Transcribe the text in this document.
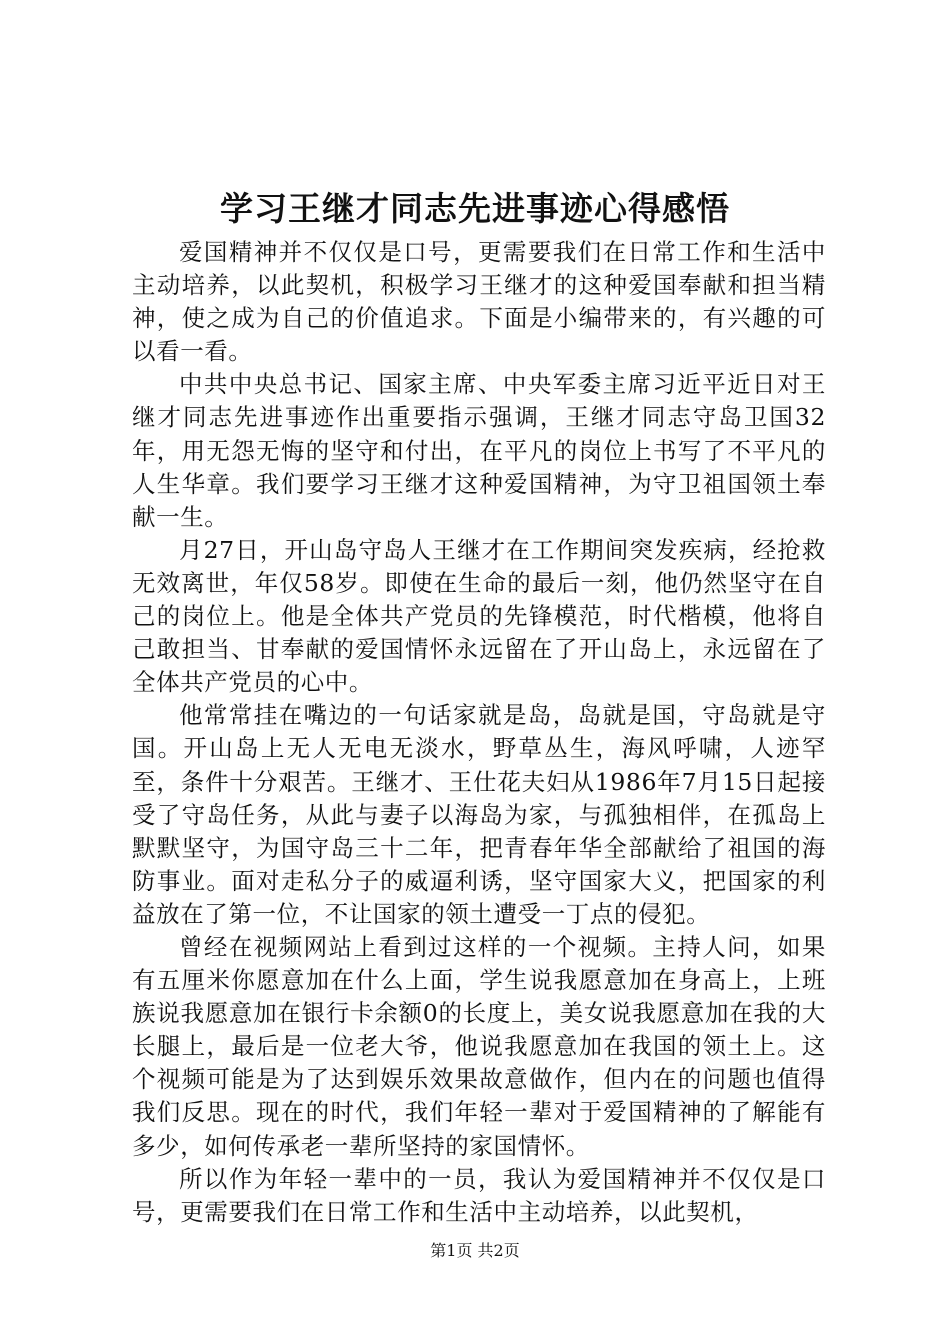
学习王继才同志先进事迹心得感悟

爱国精神并不仅仅是口号，更需要我们在日常工作和生活中主动培养，以此契机，积极学习王继才的这种爱国奉献和担当精神，使之成为自己的价值追求。下面是小编带来的，有兴趣的可以看一看。

中共中央总书记、国家主席、中央军委主席习近平近日对王继才同志先进事迹作出重要指示强调，王继才同志守岛卫国32年，用无怨无悔的坚守和付出，在平凡的岗位上书写了不平凡的人生华章。我们要学习王继才这种爱国精神，为守卫祖国领土奉献一生。

月27日，开山岛守岛人王继才在工作期间突发疾病，经抢救无效离世，年仅58岁。即使在生命的最后一刻，他仍然坚守在自己的岗位上。他是全体共产党员的先锋模范，时代楷模，他将自己敢担当、甘奉献的爱国情怀永远留在了开山岛上，永远留在了全体共产党员的心中。

他常常挂在嘴边的一句话家就是岛，岛就是国，守岛就是守国。开山岛上无人无电无淡水，野草丛生，海风呼啸，人迹罕至，条件十分艰苦。王继才、王仕花夫妇从1986年7月15日起接受了守岛任务，从此与妻子以海岛为家，与孤独相伴，在孤岛上默默坚守，为国守岛三十二年，把青春年华全部献给了祖国的海防事业。面对走私分子的威逼利诱，坚守国家大义，把国家的利益放在了第一位，不让国家的领土遭受一丁点的侵犯。

曾经在视频网站上看到过这样的一个视频。主持人问，如果有五厘米你愿意加在什么上面，学生说我愿意加在身高上，上班族说我愿意加在银行卡余额0的长度上，美女说我愿意加在我的大长腿上，最后是一位老大爷，他说我愿意加在我国的领土上。这个视频可能是为了达到娱乐效果故意做作，但内在的问题也值得我们反思。现在的时代，我们年轻一辈对于爱国精神的了解能有多少，如何传承老一辈所坚持的家国情怀。

所以作为年轻一辈中的一员，我认为爱国精神并不仅仅是口号，更需要我们在日常工作和生活中主动培养，以此契机，

第1页 共2页
